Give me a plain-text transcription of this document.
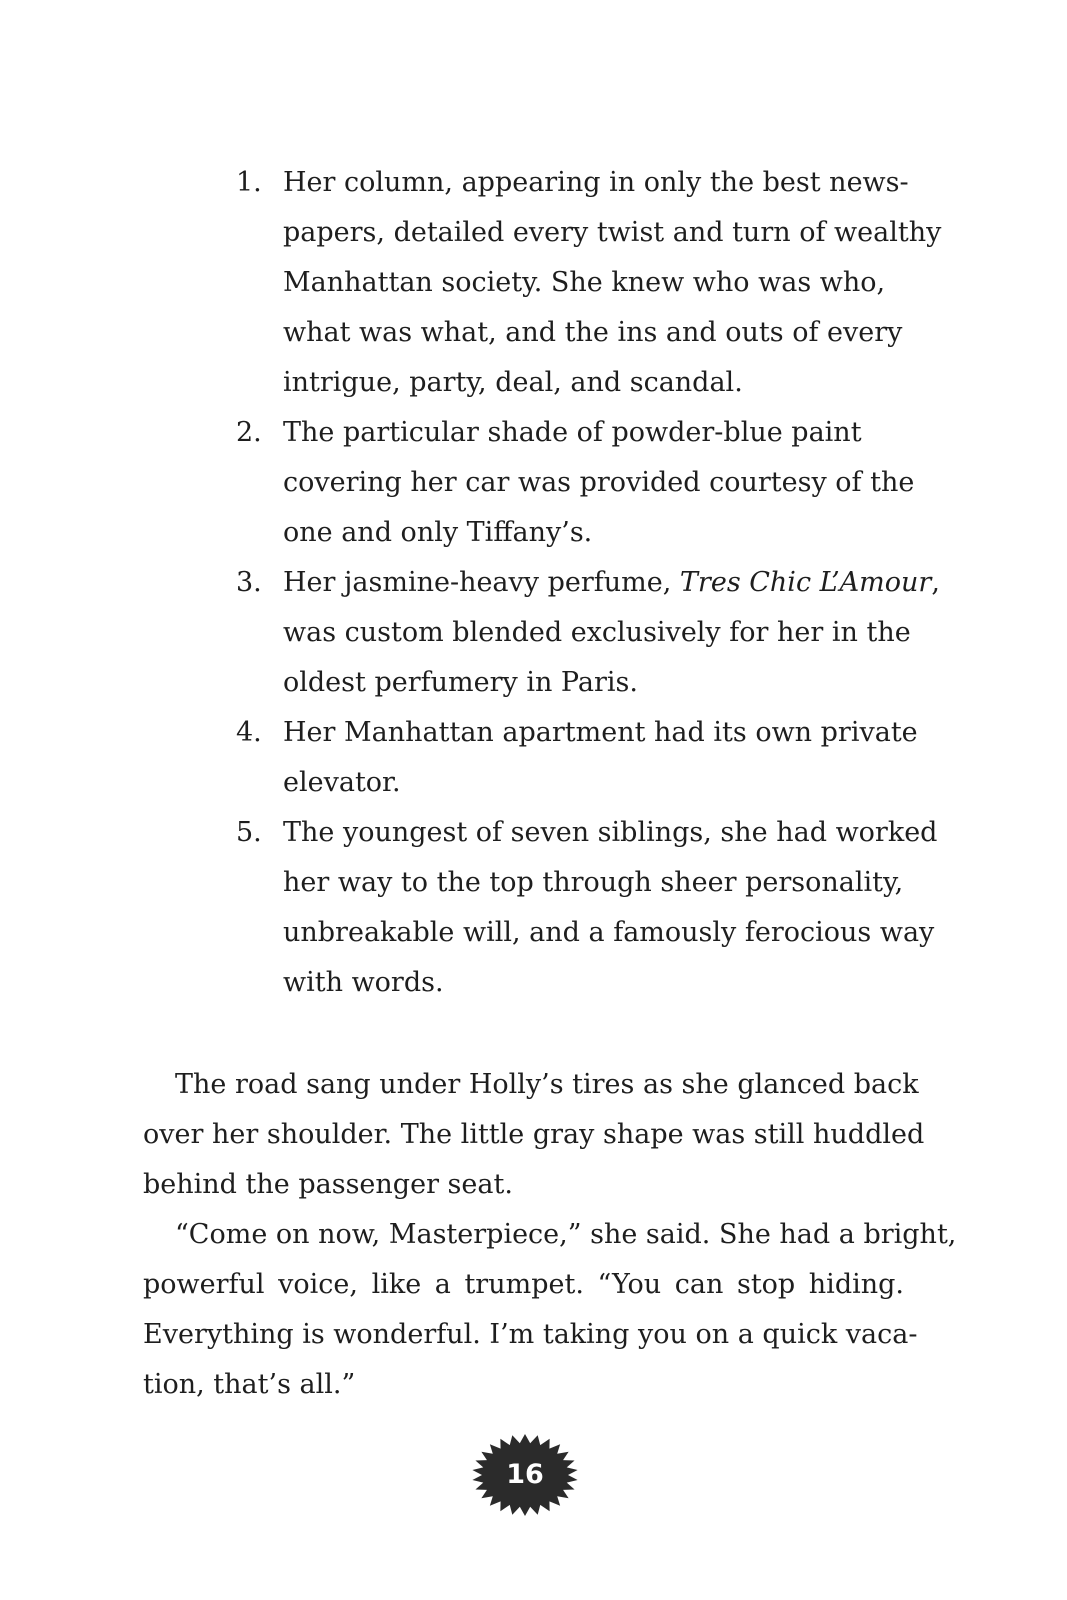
1. Her column, appearing in only the best news-
papers, detailed every twist and turn of wealthy
Manhattan society. She knew who was who,
what was what, and the ins and outs of every
intrigue, party, deal, and scandal.
2. The particular shade of powder-blue paint
covering her car was provided courtesy of the
one and only Tiffany’s.
3. Her jasmine-heavy perfume, Tres Chic L’Amour,
was custom blended exclusively for her in the
oldest perfumery in Paris.
4. Her Manhattan apartment had its own private
elevator.
5. The youngest of seven siblings, she had worked
her way to the top through sheer personality,
unbreakable will, and a famously ferocious way
with words.
The road sang under Holly’s tires as she glanced back
over her shoulder. The little gray shape was still huddled
behind the passenger seat.
“Come on now, Masterpiece,” she said. She had a bright,
powerful voice, like a trumpet. “You can stop hiding.
Everything is wonderful. I’m taking you on a quick vaca-
tion, that’s all.”
16
